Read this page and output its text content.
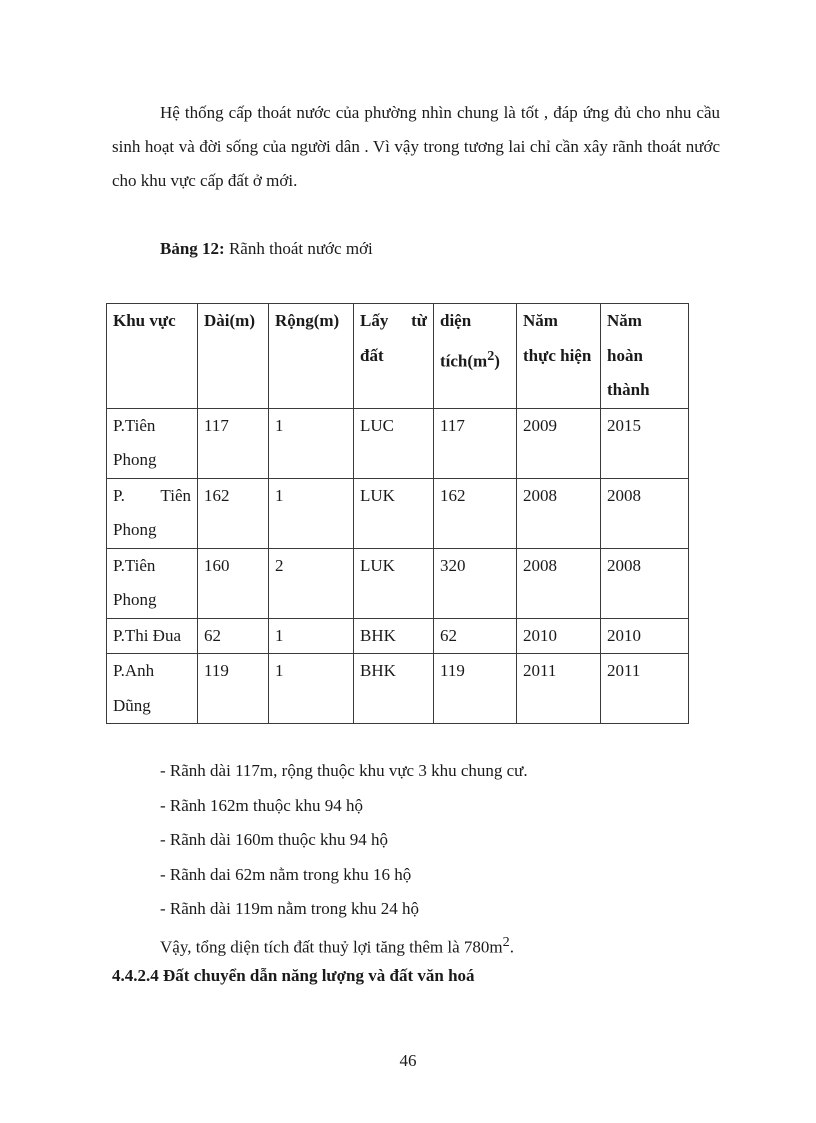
Hệ thống cấp thoát nước của phường nhìn chung là tốt , đáp ứng đủ cho nhu cầu sinh hoạt và đời sống của người dân . Vì vậy trong tương lai chỉ cần xây rãnh thoát nước cho khu vực cấp đất ở mới.

Bảng 12: Rãnh thoát nước mới

Khu vực	Dài(m)	Rộng(m)	Lấy từ đất	diện $tích(m^2)$	Năm thực hiện	Năm hoàn thành
P.Tiên Phong	117	1	LUC	117	2009	2015
P. Tiên Phong	162	1	LUK	162	2008	2008
P.Tiên Phong	160	2	LUK	320	2008	2008
P.Thi Đua	62	1	BHK	62	2010	2010
P.Anh Dũng	119	1	BHK	119	2011	2011
- Rãnh dài 117m, rộng thuộc khu vực 3 khu chung cư.
- Rãnh 162m thuộc khu 94 hộ
- Rãnh dài 160m thuộc khu 94 hộ
- Rãnh dai 62m nằm trong khu 16 hộ
- Rãnh dài 119m nằm trong khu 24 hộ

Vậy, tổng diện tích đất thuỷ lợi tăng thêm là $780m^2$.

4.4.2.4 Đất chuyển dẫn năng lượng và đất văn hoá

46
